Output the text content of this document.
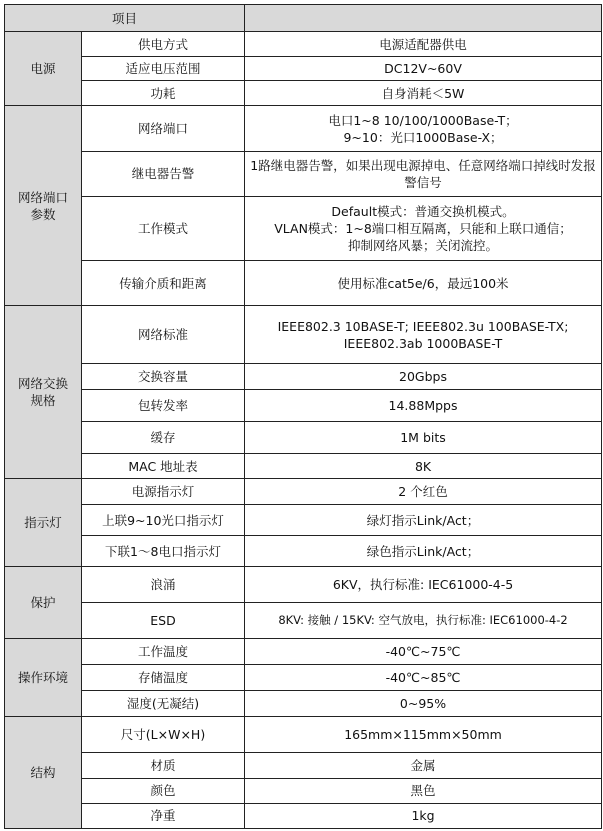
项目		
电源	供电方式	电源适配器供电

	适应电压范围	DC12V~60V

	功耗	自身消耗＜5W

网络端口参数	网络端口	电口1~8 10/100/1000Base-T；
9~10：光口1000Base-X；

	继电器告警	1路继电器告警，如果出现电源掉电、任意网络端口掉线时发报警信号

	工作模式	Default模式：普通交换机模式。
VLAN模式：1~8端口相互隔离，只能和上联口通信；
抑制网络风暴；关闭流控。

	传输介质和距离	使用标准cat5e/6，最远100米

网络交换规格	网络标准	IEEE802.3 10BASE-T; IEEE802.3u 100BASE-TX;
IEEE802.3ab 1000BASE-T

	交换容量	20Gbps

	包转发率	14.88Mpps

	缓存	1M bits

	MAC 地址表	8K

指示灯	电源指示灯	2 个红色

	上联9~10光口指示灯	绿灯指示Link/Act；

	下联1～8电口指示灯	绿色指示Link/Act；

保护	浪涌	6KV，执行标准: IEC61000-4-5

	ESD	8KV: 接触 / 15KV: 空气放电，执行标准: IEC61000-4-2

操作环境	工作温度	-40℃~75℃

	存储温度	-40℃~85℃

	湿度(无凝结)	0~95%

结构	尺寸(L×W×H)	165mm×115mm×50mm

	材质	金属

	颜色	黑色

	净重	1kg
